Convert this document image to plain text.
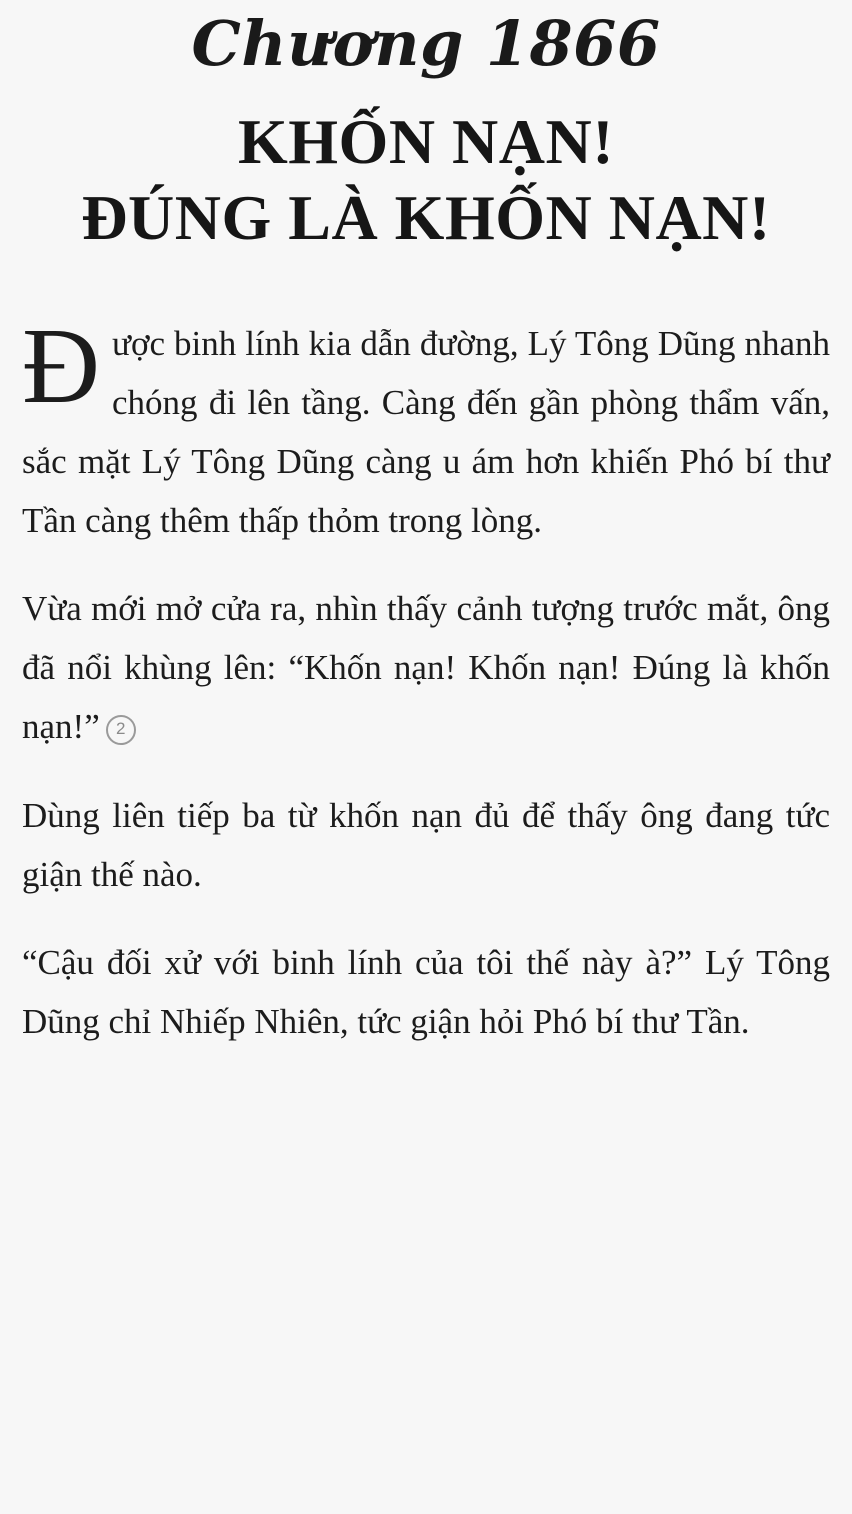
Chương 1866
KHỐN NẠN!
ĐÚNG LÀ KHỐN NẠN!

Được binh lính kia dẫn đường, Lý Tông Dũng nhanh chóng đi lên tầng. Càng đến gần phòng thẩm vấn, sắc mặt Lý Tông Dũng càng u ám hơn khiến Phó bí thư Tần càng thêm thấp thỏm trong lòng.

Vừa mới mở cửa ra, nhìn thấy cảnh tượng trước mắt, ông đã nổi khùng lên: “Khốn nạn! Khốn nạn! Đúng là khốn nạn!” 2

Dùng liên tiếp ba từ khốn nạn đủ để thấy ông đang tức giận thế nào.

“Cậu đối xử với binh lính của tôi thế này à?” Lý Tông Dũng chỉ Nhiếp Nhiên, tức giận hỏi Phó bí thư Tần.
